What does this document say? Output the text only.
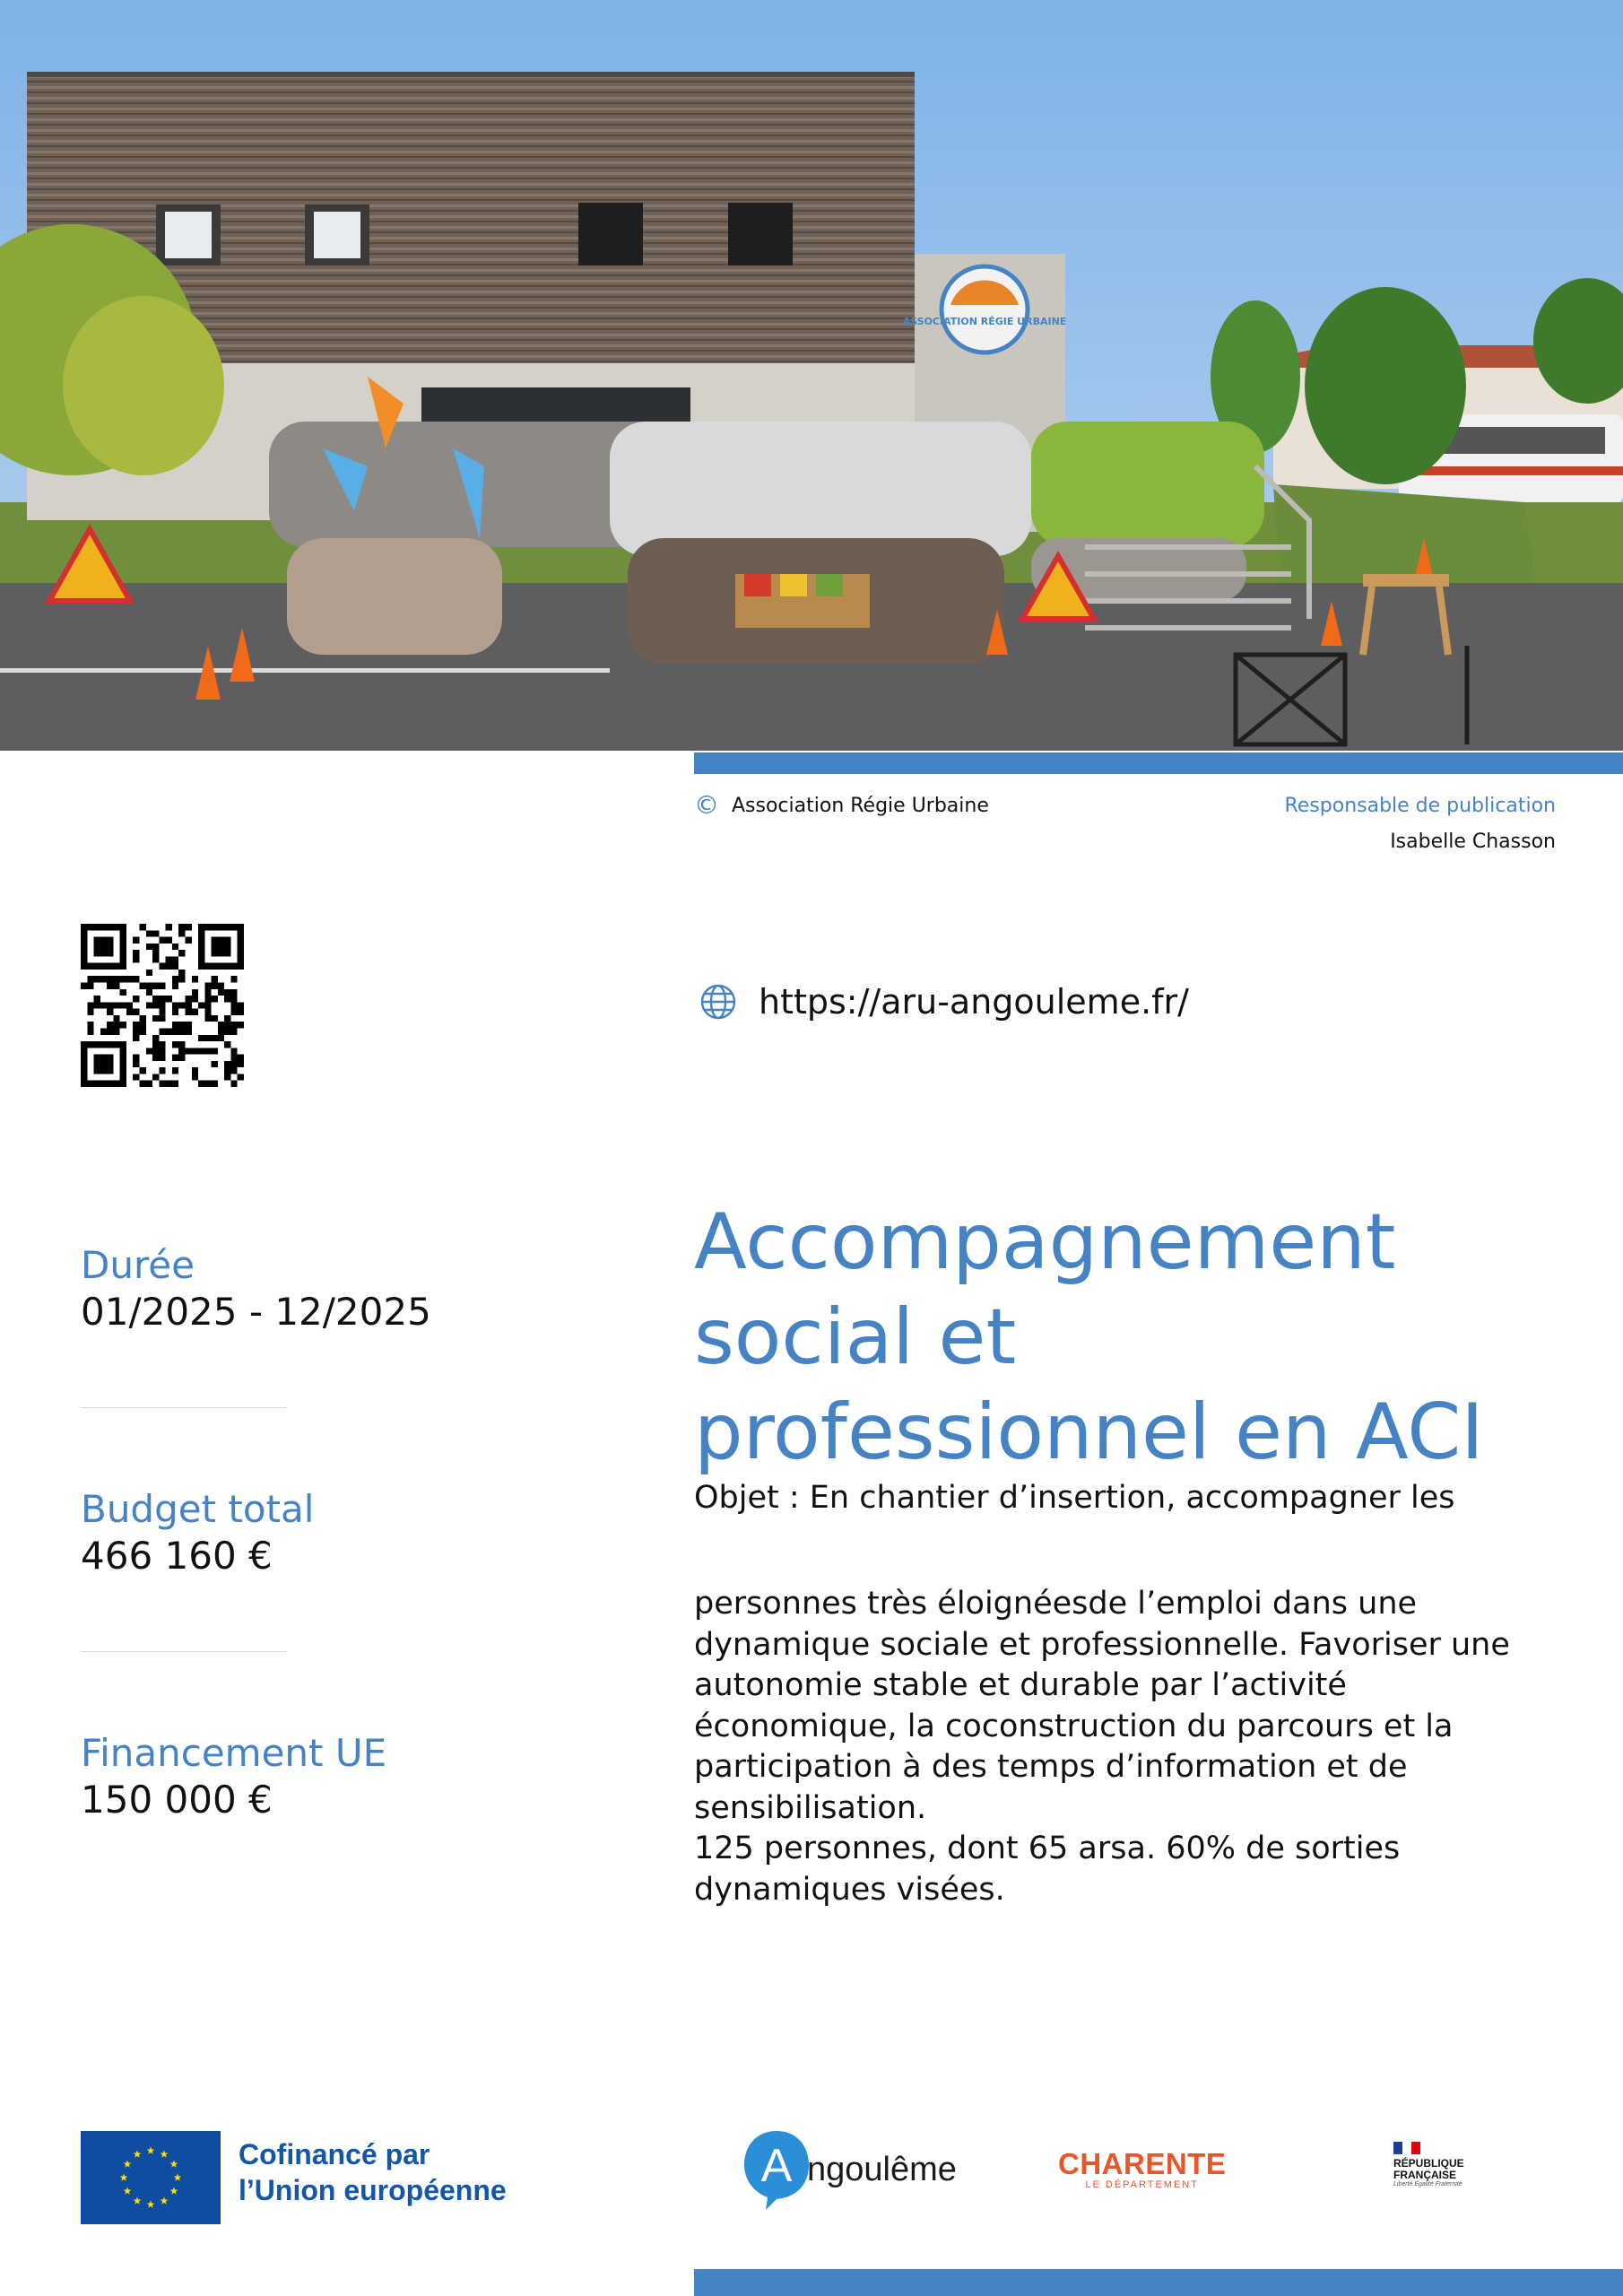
ASSOCIATION RÉGIE URBAINE
© Association Régie Urbaine	Responsable de publication
Isabelle Chasson
https://aru-angouleme.fr/
Durée
01/2025 - 12/2025
Budget total
466 160 €
Financement UE
150 000 €
Accompagnement
social et
professionnel en ACI
Objet : En chantier d’insertion, accompagner les
personnes très éloignéesde l’emploi dans une
dynamique sociale et professionnelle. Favoriser une
autonomie stable et durable par l’activité
économique, la coconstruction du parcours et la
participation à des temps d’information et de
sensibilisation.
125 personnes, dont 65 arsa. 60% de sorties
dynamiques visées.
Cofinancé par
l’Union européenne	A ngoulême	CHARENTE
LE DÉPARTEMENT
RÉPUBLIQUE
FRANÇAISE
Liberté Égalité Fraternité
